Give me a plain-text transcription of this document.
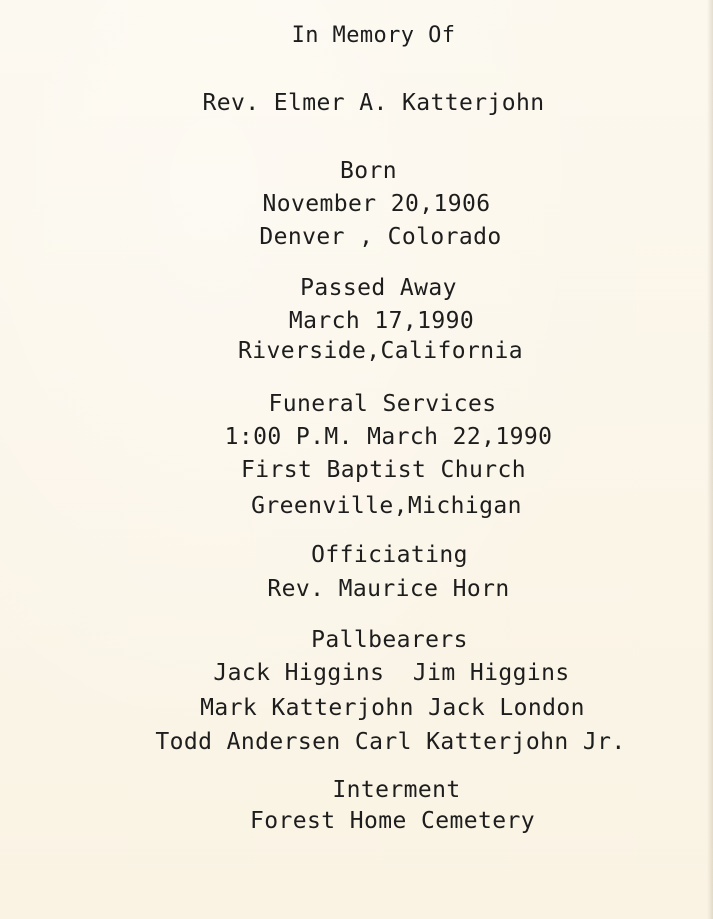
In Memory Of
Rev. Elmer A. Katterjohn
Born
November 20,1906
Denver , Colorado
Passed Away
March 17,1990
Riverside,California
Funeral Services
1:00 P.M. March 22,1990
First Baptist Church
Greenville,Michigan
Officiating
Rev. Maurice Horn
Pallbearers
Jack Higgins  Jim Higgins
Mark Katterjohn Jack London
Todd Andersen Carl Katterjohn Jr.
Interment
Forest Home Cemetery
